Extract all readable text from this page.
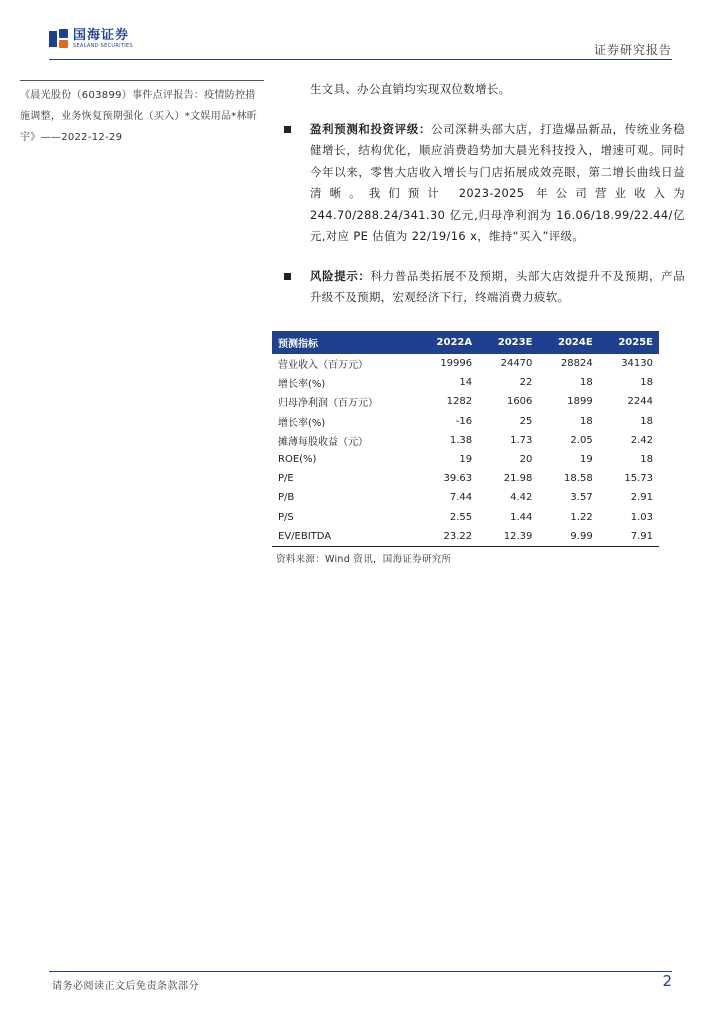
国海证券
SEALAND SECURITIES	证券研究报告
《晨光股份（603899）事件点评报告：疫情防控措施调整，业务恢复预期强化（买入）*文娱用品*林昕宇》——2022-12-29
生文具、办公直销均实现双位数增长。
盈利预测和投资评级：公司深耕头部大店，打造爆品新品，传统业务稳健增长，结构优化，顺应消费趋势加大晨光科技投入，增速可观。同时今年以来，零售大店收入增长与门店拓展成效亮眼，第二增长曲线日益清晰。我们预计 2023-2025 年公司营业收入为244.70/288.24/341.30 亿元,归母净利润为 16.06/18.99/22.44/亿元,对应 PE 估值为 22/19/16 x，维持“买入”评级。
风险提示：科力普品类拓展不及预期，头部大店效提升不及预期，产品升级不及预期，宏观经济下行，终端消费力疲软。
预测指标	2022A	2023E	2024E	2025E
营业收入（百万元）	19996	24470	28824	34130
增长率(%)	14	22	18	18
归母净利润（百万元）	1282	1606	1899	2244
增长率(%)	-16	25	18	18
摊薄每股收益（元）	1.38	1.73	2.05	2.42
ROE(%)	19	20	19	18
P/E	39.63	21.98	18.58	15.73
P/B	7.44	4.42	3.57	2.91
P/S	2.55	1.44	1.22	1.03
EV/EBITDA	23.22	12.39	9.99	7.91
资料来源：Wind 资讯，国海证券研究所
请务必阅读正文后免责条款部分	2
